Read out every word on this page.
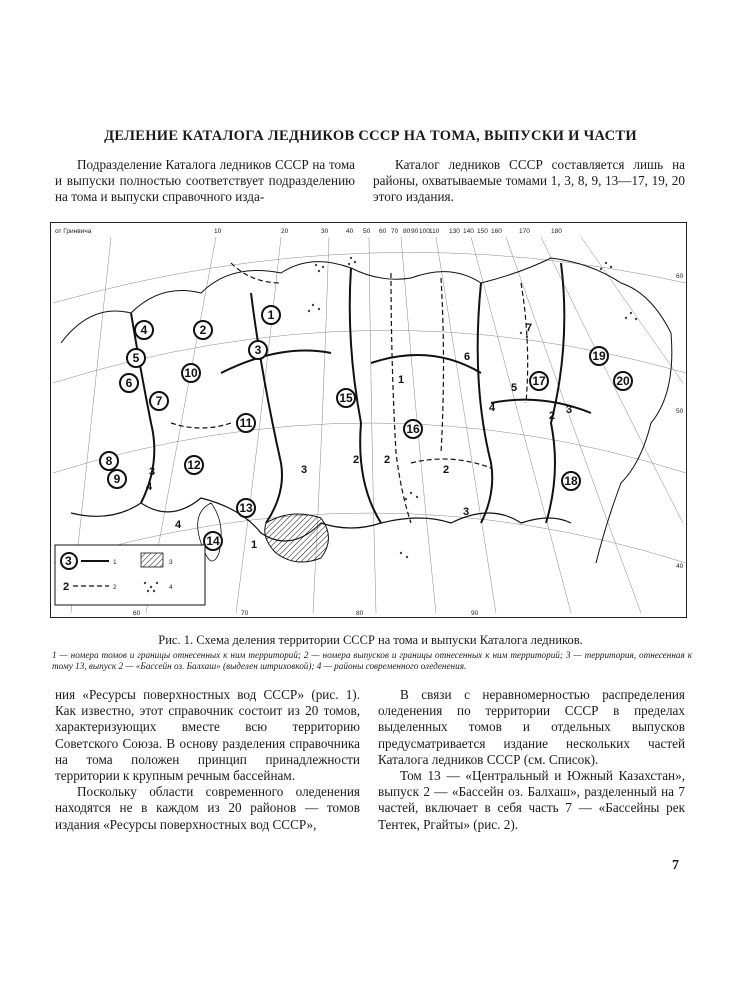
ДЕЛЕНИЕ КАТАЛОГА ЛЕДНИКОВ СССР НА ТОМА, ВЫПУСКИ И ЧАСТИ

Подразделение Каталога ледников СССР на тома и выпуски полностью соответствует подразделению на тома и выпуски справочного изда-

Каталог ледников СССР составляется лишь на районы, охватываемые томами 1, 3, 8, 9, 13—17, 19, 20 этого издания.

от Гринвича	10	20	30	40 50 60 70 80 90 100 110 130 140 150 160	170	180
60	70	80	90
60
50
40
1
2
3
4
5
6
7
8
9
10
11
12
13
14
15
16
17
18
19
20
1
2
3
4
5
6
7
2
3
2
2 3
3
4
4
1
3	1
2	2
3
4
Рис. 1. Схема деления территории СССР на тома и выпуски Каталога ледников.
1 — номера томов и границы отнесенных к ним территорий; 2 — номера выпусков и границы отнесенных к ним территорий; 3 — территория, отнесенная к тому 13, выпуск 2 — «Бассейн оз. Балхаш» (выделен штриховкой); 4 — районы современного оледенения.

ния «Ресурсы поверхностных вод СССР» (рис. 1). Как известно, этот справочник состоит из 20 томов, характеризующих вместе всю территорию Советского Союза. В основу разделения справочника на тома положен принцип принадлежности территории к крупным речным бассейнам.

Поскольку области современного оледенения находятся не в каждом из 20 районов — томов издания «Ресурсы поверхностных вод СССР»,

В связи с неравномерностью распределения оледенения по территории СССР в пределах выделенных томов и отдельных выпусков предусматривается издание нескольких частей Каталога ледников СССР (см. Список).

Том 13 — «Центральный и Южный Казахстан», выпуск 2 — «Бассейн оз. Балхаш», разделенный на 7 частей, включает в себя часть 7 — «Бассейны рек Тентек, Ргайты» (рис. 2).

7
